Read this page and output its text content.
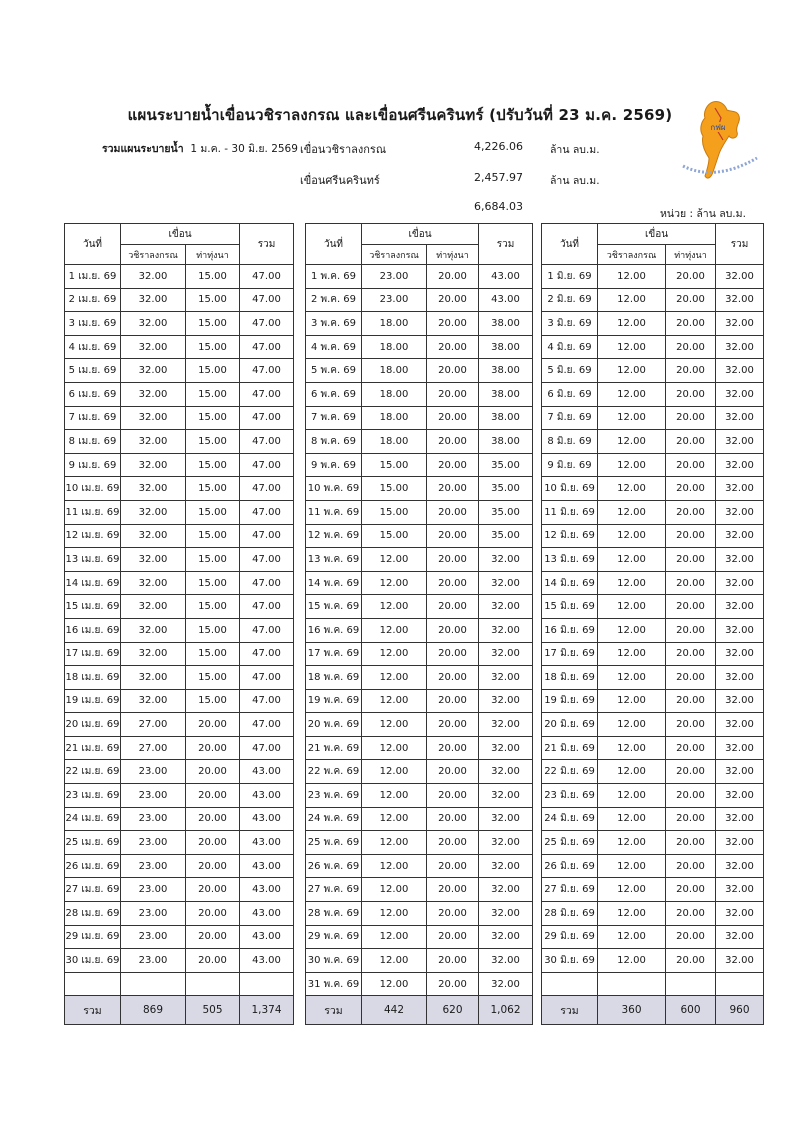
แผนระบายน้ำเขื่อนวชิราลงกรณ และเขื่อนศรีนครินทร์ (ปรับวันที่ 23 ม.ค. 2569)
รวมแผนระบายน้ำ 1 ม.ค. - 30 มิ.ย. 2569 เขื่อนวชิราลงกรณ	4,226.06	ล้าน ลบ.ม.
เขื่อนศรีนครินทร์	2,457.97	ล้าน ลบ.ม.
6,684.03
หน่วย : ล้าน ลบ.ม.
กฟผ
วันที่	เขื่อน		รวม
	วชิราลงกรณ	ท่าทุ่งนา	
1 เม.ย. 69	32.00	15.00	47.00
2 เม.ย. 69	32.00	15.00	47.00
3 เม.ย. 69	32.00	15.00	47.00
4 เม.ย. 69	32.00	15.00	47.00
5 เม.ย. 69	32.00	15.00	47.00
6 เม.ย. 69	32.00	15.00	47.00
7 เม.ย. 69	32.00	15.00	47.00
8 เม.ย. 69	32.00	15.00	47.00
9 เม.ย. 69	32.00	15.00	47.00
10 เม.ย. 69	32.00	15.00	47.00
11 เม.ย. 69	32.00	15.00	47.00
12 เม.ย. 69	32.00	15.00	47.00
13 เม.ย. 69	32.00	15.00	47.00
14 เม.ย. 69	32.00	15.00	47.00
15 เม.ย. 69	32.00	15.00	47.00
16 เม.ย. 69	32.00	15.00	47.00
17 เม.ย. 69	32.00	15.00	47.00
18 เม.ย. 69	32.00	15.00	47.00
19 เม.ย. 69	32.00	15.00	47.00
20 เม.ย. 69	27.00	20.00	47.00
21 เม.ย. 69	27.00	20.00	47.00
22 เม.ย. 69	23.00	20.00	43.00
23 เม.ย. 69	23.00	20.00	43.00
24 เม.ย. 69	23.00	20.00	43.00
25 เม.ย. 69	23.00	20.00	43.00
26 เม.ย. 69	23.00	20.00	43.00
27 เม.ย. 69	23.00	20.00	43.00
28 เม.ย. 69	23.00	20.00	43.00
29 เม.ย. 69	23.00	20.00	43.00
30 เม.ย. 69	23.00	20.00	43.00

รวม	869	505	1,374
วันที่	เขื่อน		รวม
	วชิราลงกรณ	ท่าทุ่งนา	
1 พ.ค. 69	23.00	20.00	43.00
2 พ.ค. 69	23.00	20.00	43.00
3 พ.ค. 69	18.00	20.00	38.00
4 พ.ค. 69	18.00	20.00	38.00
5 พ.ค. 69	18.00	20.00	38.00
6 พ.ค. 69	18.00	20.00	38.00
7 พ.ค. 69	18.00	20.00	38.00
8 พ.ค. 69	18.00	20.00	38.00
9 พ.ค. 69	15.00	20.00	35.00
10 พ.ค. 69	15.00	20.00	35.00
11 พ.ค. 69	15.00	20.00	35.00
12 พ.ค. 69	15.00	20.00	35.00
13 พ.ค. 69	12.00	20.00	32.00
14 พ.ค. 69	12.00	20.00	32.00
15 พ.ค. 69	12.00	20.00	32.00
16 พ.ค. 69	12.00	20.00	32.00
17 พ.ค. 69	12.00	20.00	32.00
18 พ.ค. 69	12.00	20.00	32.00
19 พ.ค. 69	12.00	20.00	32.00
20 พ.ค. 69	12.00	20.00	32.00
21 พ.ค. 69	12.00	20.00	32.00
22 พ.ค. 69	12.00	20.00	32.00
23 พ.ค. 69	12.00	20.00	32.00
24 พ.ค. 69	12.00	20.00	32.00
25 พ.ค. 69	12.00	20.00	32.00
26 พ.ค. 69	12.00	20.00	32.00
27 พ.ค. 69	12.00	20.00	32.00
28 พ.ค. 69	12.00	20.00	32.00
29 พ.ค. 69	12.00	20.00	32.00
30 พ.ค. 69	12.00	20.00	32.00
31 พ.ค. 69	12.00	20.00	32.00
รวม	442	620	1,062
วันที่	เขื่อน		รวม
	วชิราลงกรณ	ท่าทุ่งนา	
1 มิ.ย. 69	12.00	20.00	32.00
2 มิ.ย. 69	12.00	20.00	32.00
3 มิ.ย. 69	12.00	20.00	32.00
4 มิ.ย. 69	12.00	20.00	32.00
5 มิ.ย. 69	12.00	20.00	32.00
6 มิ.ย. 69	12.00	20.00	32.00
7 มิ.ย. 69	12.00	20.00	32.00
8 มิ.ย. 69	12.00	20.00	32.00
9 มิ.ย. 69	12.00	20.00	32.00
10 มิ.ย. 69	12.00	20.00	32.00
11 มิ.ย. 69	12.00	20.00	32.00
12 มิ.ย. 69	12.00	20.00	32.00
13 มิ.ย. 69	12.00	20.00	32.00
14 มิ.ย. 69	12.00	20.00	32.00
15 มิ.ย. 69	12.00	20.00	32.00
16 มิ.ย. 69	12.00	20.00	32.00
17 มิ.ย. 69	12.00	20.00	32.00
18 มิ.ย. 69	12.00	20.00	32.00
19 มิ.ย. 69	12.00	20.00	32.00
20 มิ.ย. 69	12.00	20.00	32.00
21 มิ.ย. 69	12.00	20.00	32.00
22 มิ.ย. 69	12.00	20.00	32.00
23 มิ.ย. 69	12.00	20.00	32.00
24 มิ.ย. 69	12.00	20.00	32.00
25 มิ.ย. 69	12.00	20.00	32.00
26 มิ.ย. 69	12.00	20.00	32.00
27 มิ.ย. 69	12.00	20.00	32.00
28 มิ.ย. 69	12.00	20.00	32.00
29 มิ.ย. 69	12.00	20.00	32.00
30 มิ.ย. 69	12.00	20.00	32.00

รวม	360	600	960
